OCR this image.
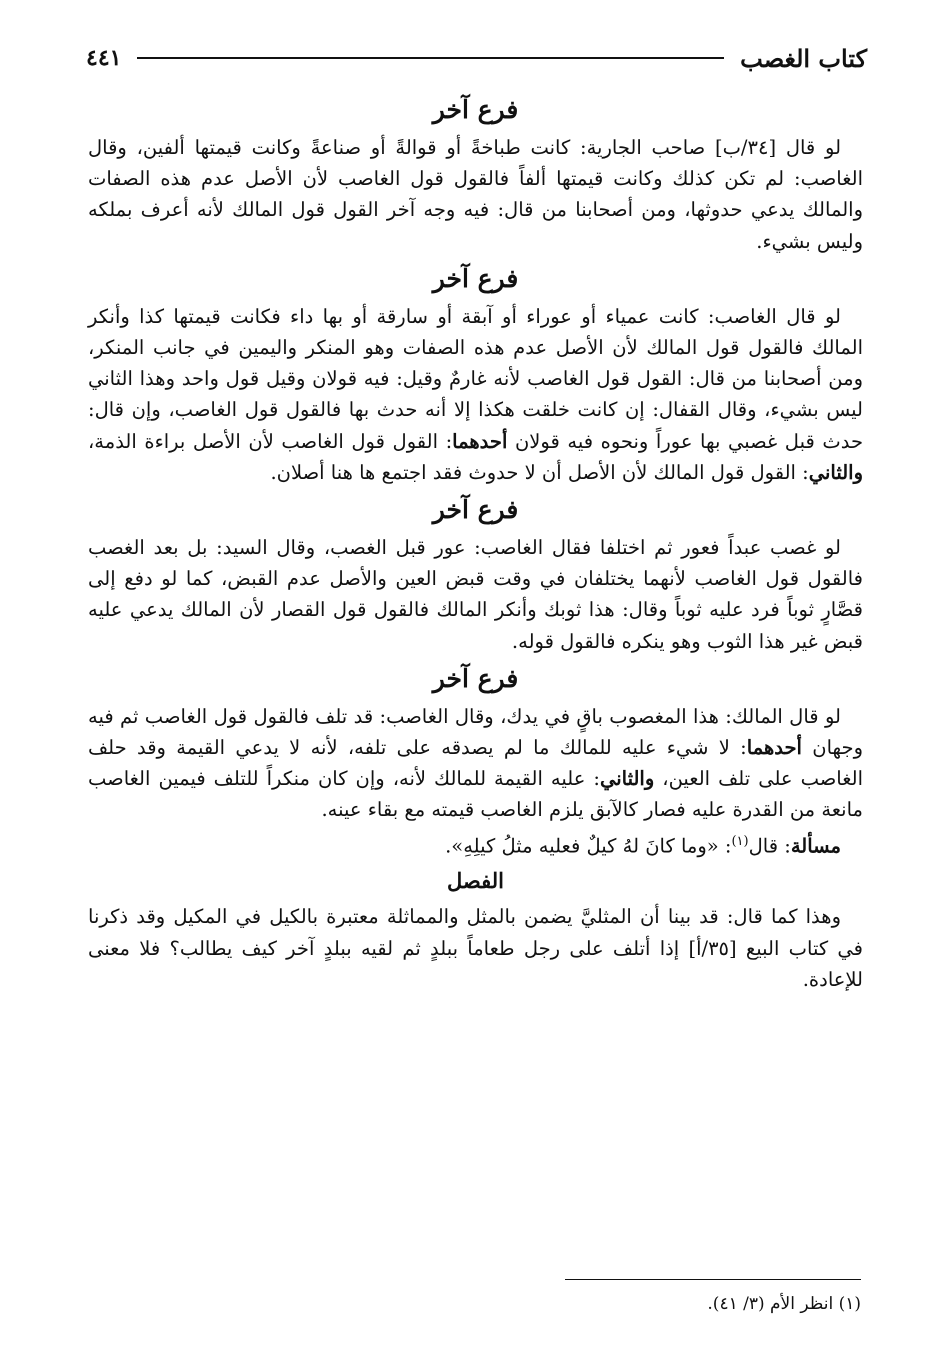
كتاب الغصب
٤٤١
فرع آخر

لو قال [٣٤/ب] صاحب الجارية: كانت طباخةً أو قوالةً أو صناعةً وكانت قيمتها ألفين، وقال الغاصب: لم تكن كذلك وكانت قيمتها ألفاً فالقول قول الغاصب لأن الأصل عدم هذه الصفات والمالك يدعي حدوثها، ومن أصحابنا من قال: فيه وجه آخر القول قول المالك لأنه أعرف بملكه وليس بشيء.

فرع آخر

لو قال الغاصب: كانت عمياء أو عوراء أو آبقة أو سارقة أو بها داء فكانت قيمتها كذا وأنكر المالك فالقول قول المالك لأن الأصل عدم هذه الصفات وهو المنكر واليمين في جانب المنكر، ومن أصحابنا من قال: القول قول الغاصب لأنه غارمٌ وقيل: فيه قولان وقيل قول واحد وهذا الثاني ليس بشيء، وقال القفال: إن كانت خلقت هكذا إلا أنه حدث بها فالقول قول الغاصب، وإن قال: حدث قبل غصبي بها عوراً ونحوه فيه قولان أحدهما: القول قول الغاصب لأن الأصل براءة الذمة، والثاني: القول قول المالك لأن الأصل أن لا حدوث فقد اجتمع ها هنا أصلان.

فرع آخر

لو غصب عبداً فعور ثم اختلفا فقال الغاصب: عور قبل الغصب، وقال السيد: بل بعد الغصب فالقول قول الغاصب لأنهما يختلفان في وقت قبض العين والأصل عدم القبض، كما لو دفع إلى قصَّارٍ ثوباً فرد عليه ثوباً وقال: هذا ثوبك وأنكر المالك فالقول قول القصار لأن المالك يدعي عليه قبض غير هذا الثوب وهو ينكره فالقول قوله.

فرع آخر

لو قال المالك: هذا المغصوب باقٍ في يدك، وقال الغاصب: قد تلف فالقول قول الغاصب ثم فيه وجهان أحدهما: لا شيء عليه للمالك ما لم يصدقه على تلفه، لأنه لا يدعي القيمة وقد حلف الغاصب على تلف العين، والثاني: عليه القيمة للمالك لأنه، وإن كان منكراً للتلف فيمين الغاصب مانعة من القدرة عليه فصار كالآبق يلزم الغاصب قيمته مع بقاء عينه.

مسألة: قال$^{(١)}$: «وما كانَ لهُ كيلٌ فعليه مثلُ كيلِهِ».

الفصل

وهذا كما قال: قد بينا أن المثليَّ يضمن بالمثل والمماثلة معتبرة بالكيل في المكيل وقد ذكرنا في كتاب البيع [٣٥/أ] إذا أتلف على رجل طعاماً ببلدٍ ثم لقيه ببلدٍ آخر كيف يطالب؟ فلا معنى للإعادة.

(١) انظر الأم (٣/ ٤١).
